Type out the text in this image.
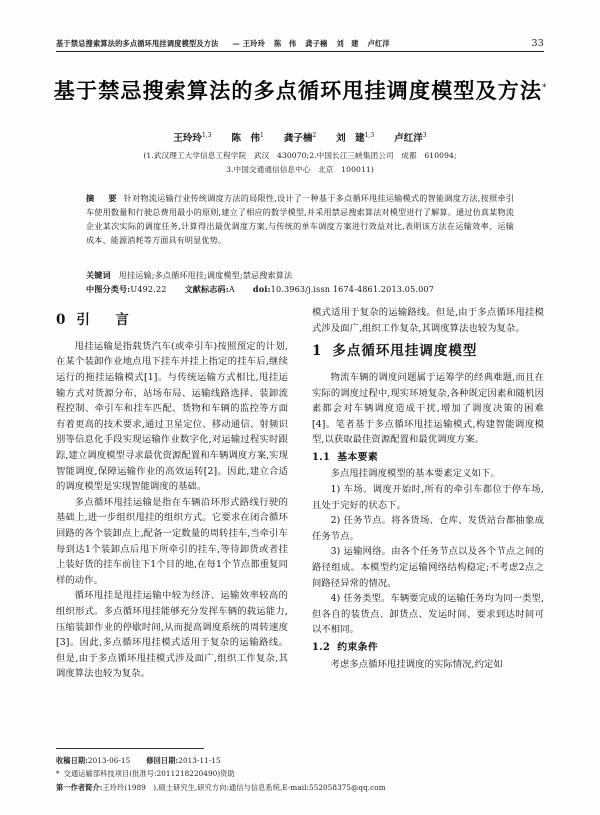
基于禁忌搜索算法的多点循环甩挂调度模型及方法 — 王玲玲 陈　伟 龚子楠 刘　建 卢红洋	33
基于禁忌搜索算法的多点循环甩挂调度模型及方法*
王玲玲$^{1,3}$ 陈　伟$^1$ 龚子楠$^2$ 刘　建$^{1,3}$ 卢红洋$^3$
(1.武汉理工大学信息工程学院　武汉　430070;2.中国长江三峡集团公司　成都　610094;
3.中国交通通信信息中心　北京　100011)
摘　要 针对物流运输行业传统调度方法的局限性,设计了一种基于多点循环甩挂运输模式的智能调度方法,按照牵引车使用数量和行驶总费用最小的原则,建立了相应的数学模型,并采用禁忌搜索算法对模型进行了解算。通过仿真某物流企业某次实际的调度任务,计算得出最优调度方案,与传统的单车调度方案进行效益对比,表明该方法在运输效率、运输成本、能源消耗等方面具有明显优势。
关键词 甩挂运输;多点循环甩挂;调度模型;禁忌搜索算法
中图分类号:U492.22 文献标志码:A doi:10.3963/j.issn 1674-4861.2013.05.007
0 引　言

甩挂运输是指载货汽车(或牵引车)按照预定的计划,在某个装卸作业地点甩下挂车并挂上指定的挂车后,继续运行的拖挂运输模式[1]。与传统运输方式相比,甩挂运输方式对货源分布、站场布局、运输线路选择、装卸流程控制、牵引车和挂车匹配、货物和车辆的监控等方面有着更高的技术要求,通过卫星定位、移动通信、射频识别等信息化手段实现运输作业数字化,对运输过程实时跟踪,建立调度模型寻求最优资源配置和车辆调度方案,实现智能调度,保障运输作业的高效运转[2]。因此,建立合适的调度模型是实现智能调度的基础。

多点循环甩挂运输是指在车辆沿环形式路线行驶的基础上,进一步组织甩挂的组织方式。它要求在闭合循环回路的各个装卸点上,配备一定数量的周转挂车,当牵引车每到达1个装卸点后甩下所牵引的挂车,等待卸货或者挂上装好货的挂车前往下1个目的地,在每1个节点都重复同样的动作。

循环甩挂是甩挂运输中较为经济、运输效率较高的组织形式。多点循环甩挂能够充分发挥车辆的载运能力,压缩装卸作业的停歇时间,从而提高调度系统的周转速度[3]。因此,多点循环甩挂模式适用于复杂的运输路线。但是,由于多点循环甩挂模式涉及面广,组织工作复杂,其调度算法也较为复杂。

模式适用于复杂的运输路线。但是,由于多点循环甩挂模式涉及面广,组织工作复杂,其调度算法也较为复杂。

1 多点循环甩挂调度模型

物流车辆的调度问题属于运筹学的经典难题,而且在实际的调度过程中,现实环境复杂,各种既定因素和随机因素都会对车辆调度造成干扰,增加了调度决策的困难[4]。笔者基于多点循环甩挂运输模式,构建智能调度模型,以获取最佳资源配置和最优调度方案。

1.1 基本要素

多点甩挂调度模型的基本要素定义如下。

1) 车场。调度开始时,所有的牵引车都位于停车场,且处于完好的状态下。

2) 任务节点。将各货场、仓库、发货站台都抽象成任务节点。

3) 运输网络。由各个任务节点以及各个节点之间的路径组成。本模型约定运输网络结构稳定;不考虑2点之间路径异常的情况。

4) 任务类型。车辆要完成的运输任务均为同一类型,但各自的装货点、卸货点、发运时间、要求到达时间可以不相同。

1.2 约束条件

考虑多点循环甩挂调度的实际情况,约定如

收稿日期:2013-06-15 修回日期:2013-11-15
* 交通运输部科技项目(批准号:2011218220490)资助
第一作者简介:王玲玲(1989　),硕士研究生,研究方向:通信与信息系统,E-mail:552058375@qq.com
